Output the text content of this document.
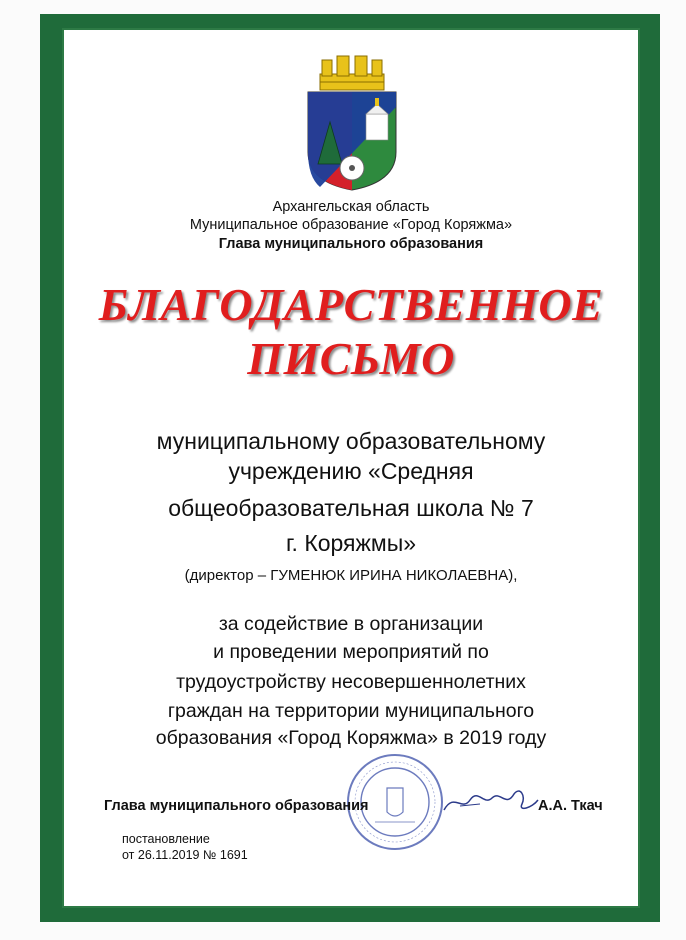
Архангельская область
Муниципальное образование «Город Коряжма»
Глава муниципального образования
БЛАГОДАРСТВЕННОЕ
ПИСЬМО
муниципальному образовательному
учреждению «Средняя
общеобразовательная школа № 7
г. Коряжмы»
(директор – ГУМЕНЮК ИРИНА НИКОЛАЕВНА),
за содействие в организации
и проведении мероприятий по
трудоустройству несовершеннолетних
граждан на территории муниципального
образования «Город Коряжма» в 2019 году
Глава муниципального образования	А.А. Ткач
постановление
от 26.11.2019 № 1691
